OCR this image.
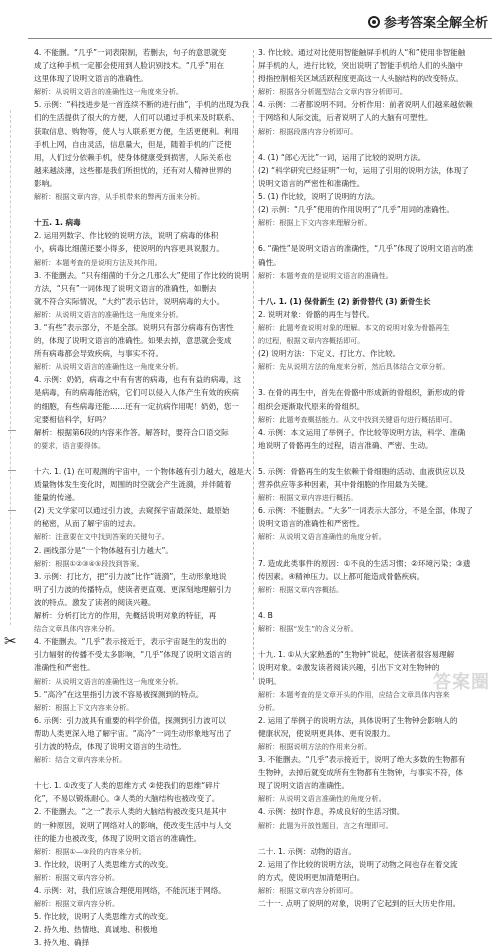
参考答案全解全析
✂
4. 不能删。“几乎”一词表限制，若删去，句子的意思就变
成了这种手机一定都会使用到人脸识别技术。“几乎”用在
这里体现了说明文语言的准确性。
解析：从说明文语言的准确性这一角度来分析。
5. 示例：“科技进步是一首连续不断的进行曲”，手机的出现为我
们的生活提供了很大的方便，人们可以通过手机来及时联系、
获取信息、购物等，使人与人联系更方便，生活更便利。利用
手机上网，自由灵活，信息量大，但是，随着手机的广泛使
用，人们过分依赖手机，使身体健康受到损害，人际关系也
越来越淡薄，这些都是我们所担忧的，还有对人精神世界的
影响。
解析：根据文章内容，从手机带来的弊两方面来分析。

十五. 1. 病毒
2. 运用列数字、作比较的说明方法，说明了病毒的体积
小，病毒比细菌还要小得多，使说明的内容更具说服力。
解析：本题考查的是说明方法及其作用。
3. 不能删去。“只有细菌的千分之几那么大”使用了作比较的说明
方法，“只有”一词体现了说明文语言的准确性，如删去
就不符合实际情况，“大约”表示估计，说明病毒的大小。
解析：从说明文语言的准确性这一角度来分析。
3. “有些”表示部分，不是全部。说明只有部分病毒有伤害性
的，体现了说明文语言的准确性。如果去掉，意思就会变成
所有病毒都会导致疾病，与事实不符。
解析：从说明文语言的准确性这一角度来分析。
4. 示例：奶奶，病毒之中有有害的病毒，也有有益的病毒，这
是病毒，有的病毒能治病，它们可以侵入人体产生有效的疾病
的细胞，有些病毒还能……还有一定抗病作用呢！奶奶，您一
定要相信科学，好吗？
解析：根据第6段的内容来作答。解答时，要符合口语交际
的要求，语言要得体。

十六. 1. (1) 在可观测的宇宙中，一个物体越有引力越大，越是大
质量物体发生变化时，周围的时空就会产生涟漪，并伴随着
能量的传递。
(2) 天文学家可以通过引力波，去窥探宇宙最深处、最原始
的秘密，从而了解宇宙的过去。
解析：注意要在文中找到答案的关键句子。
2. 画线部分是“一个物体越有引力越大”。
解析：根据①②③④⑤段找到答案。
3. 示例：打比方，把“引力波”比作“涟漪”，生动形象地说
明了引力波的传播特点，使读者更直观、更深刻地理解引力
波的特点。激发了读者的阅读兴趣。
解析：分析打比方的作用，先概括说明对象的特征，再
结合文章具体内容来分析。
4. 不能删去。“几乎”表示接近于，表示宇宙诞生的发出的
引力辐射的传播不受太多影响，“几乎”体现了说明文语言的
准确性和严密性。
解析：从说明文语言的准确性这一角度来分析。
5. “高冷”在这里指引力波不容易被探测到的特点。
解析：根据上下文内容来分析。
6. 示例：引力波具有重要的科学价值，探测到引力波可以
帮助人类更深入地了解宇宙。“高冷”一词生动形象地写出了
引力波的特点，体现了说明文语言的生动性。
解析：结合文章内容来分析。

十七. 1. ①改变了人类的思维方式 ②使我们的思维“碎片
化”，不易以锻炼耐心。③人类的大脑结构也被改变了。
2. 不能删去。“之一”表示人类的大脑结构被改变只是其中
的一种原因，说明了网络对人的影响，使改变生活中与人交
往的能力也被改变，体现了说明文语言的准确性。
解析：根据①—③段的内容来分析。
3. 作比较，说明了人类思维方式的改变。
解析：根据文章内容分析。
4. 示例：对，我们应该合理使用网络，不能沉迷于网络。
解析：根据文章内容分析。
5. 作比较，说明了人类思维方式的改变。
2. 持久地、热情地、真诚地、积极地
3. 持久地、确择
3. 作比较。通过对比使用智能触屏手机的人“和”使用非智能触
屏手机的人，进行比较，突出说明了智能手机给人们的头脑中
拇指控制相关区域活跃程度更高这一人头脑结构的改变特点。
解析：根据各分析题型结合文章内容分析即可。
4. 示例：二者都说明不同。分析作用：前者说明人们越来越依赖
于网络和人际交流，后者说明了人的大脑有可塑性。
解析：根据段落内容分析即可。

4. (1) “郎心无比”一词，运用了比较的说明方法。
(2) “科学研究已经证明”一句，运用了引用的说明方法，体现了
说明文语言的严密性和准确性。
5. (1) 作比较，说明了说明的方法。
(2) 示例：“几乎”使用的作用说明了“几乎”用词的准确性。
解析：根据上下文内容来理解分析。

6. “确性”是说明文语言的准确性，“几乎”体现了说明文语言的准
确性。
解析：本题考查的是说明文语言的准确性。

十八. 1. (1) 保骨新生 (2) 新骨替代 (3) 新骨生长
2. 说明对象：骨骼的再生与替代。
解析：此题考查说明对象的理解。本文的说明对象为骨骼再生
的过程，根据文章内容概括即可。
(2) 说明方法：下定义、打比方、作比较。
解析：先从说明方法的角度来分析，然后具体结合文章分析。

3. 在骨的再生中，首先在骨骼中形成新的骨组织，新形成的骨
组织会逐渐取代原来的骨组织。
解析：此题考查概括能力。从文中找到关键语句进行概括即可。
4. 示例：本文运用了举例子、作比较等说明方法，科学、准确
地说明了骨骼再生的过程，语言准确、严密、生动。

5. 示例：骨骼再生的发生依赖于骨细胞的活动、血液供应以及
营养供应等多种因素，其中骨细胞的作用最为关键。
解析：根据文章内容进行概括。
6. 示例：不能删去。“大多”一词表示大部分，不是全部，体现了
说明文语言的准确性和严密性。
解析：从说明文语言准确性的角度分析。

7. 造成此类事件的原因：①不良的生活习惯；②环境污染；③遗
传因素。④精神压力。以上都可能造成骨骼疾病。
解析：根据文章内容概括。

4. B
解析：根据“发生”的含义分析。

十九. 1. ①从大家熟悉的“生物钟”说起，使读者很容易理解
说明对象。②激发读者阅读兴趣，引出下文对生物钟的
说明。
解析：本题考查的是文章开头的作用，应结合文章具体内容来
分析。
2. 运用了举例子的说明方法，具体说明了生物钟会影响人的
健康状况，使说明更具体、更有说服力。
解析：根据说明方法的作用来分析。
3. 不能删去。“几乎”表示接近于，说明了绝大多数的生物都有
生物钟，去掉后就变成所有生物都有生物钟，与事实不符，体
现了说明文语言的准确性。
解析：从说明文语言准确性的角度分析。
4. 示例：按时作息，养成良好的生活习惯。
解析：此题为开放性题目，言之有理即可。

二十. 1. 示例：动物的语言。
2. 运用了作比较的说明方法，说明了动物之间也存在着交流
的方式，使说明更加清楚明白。
解析：根据文章内容分析即可。
二十一. 点明了说明的对象，说明了它起到的巨大历史作用。
答案圈
